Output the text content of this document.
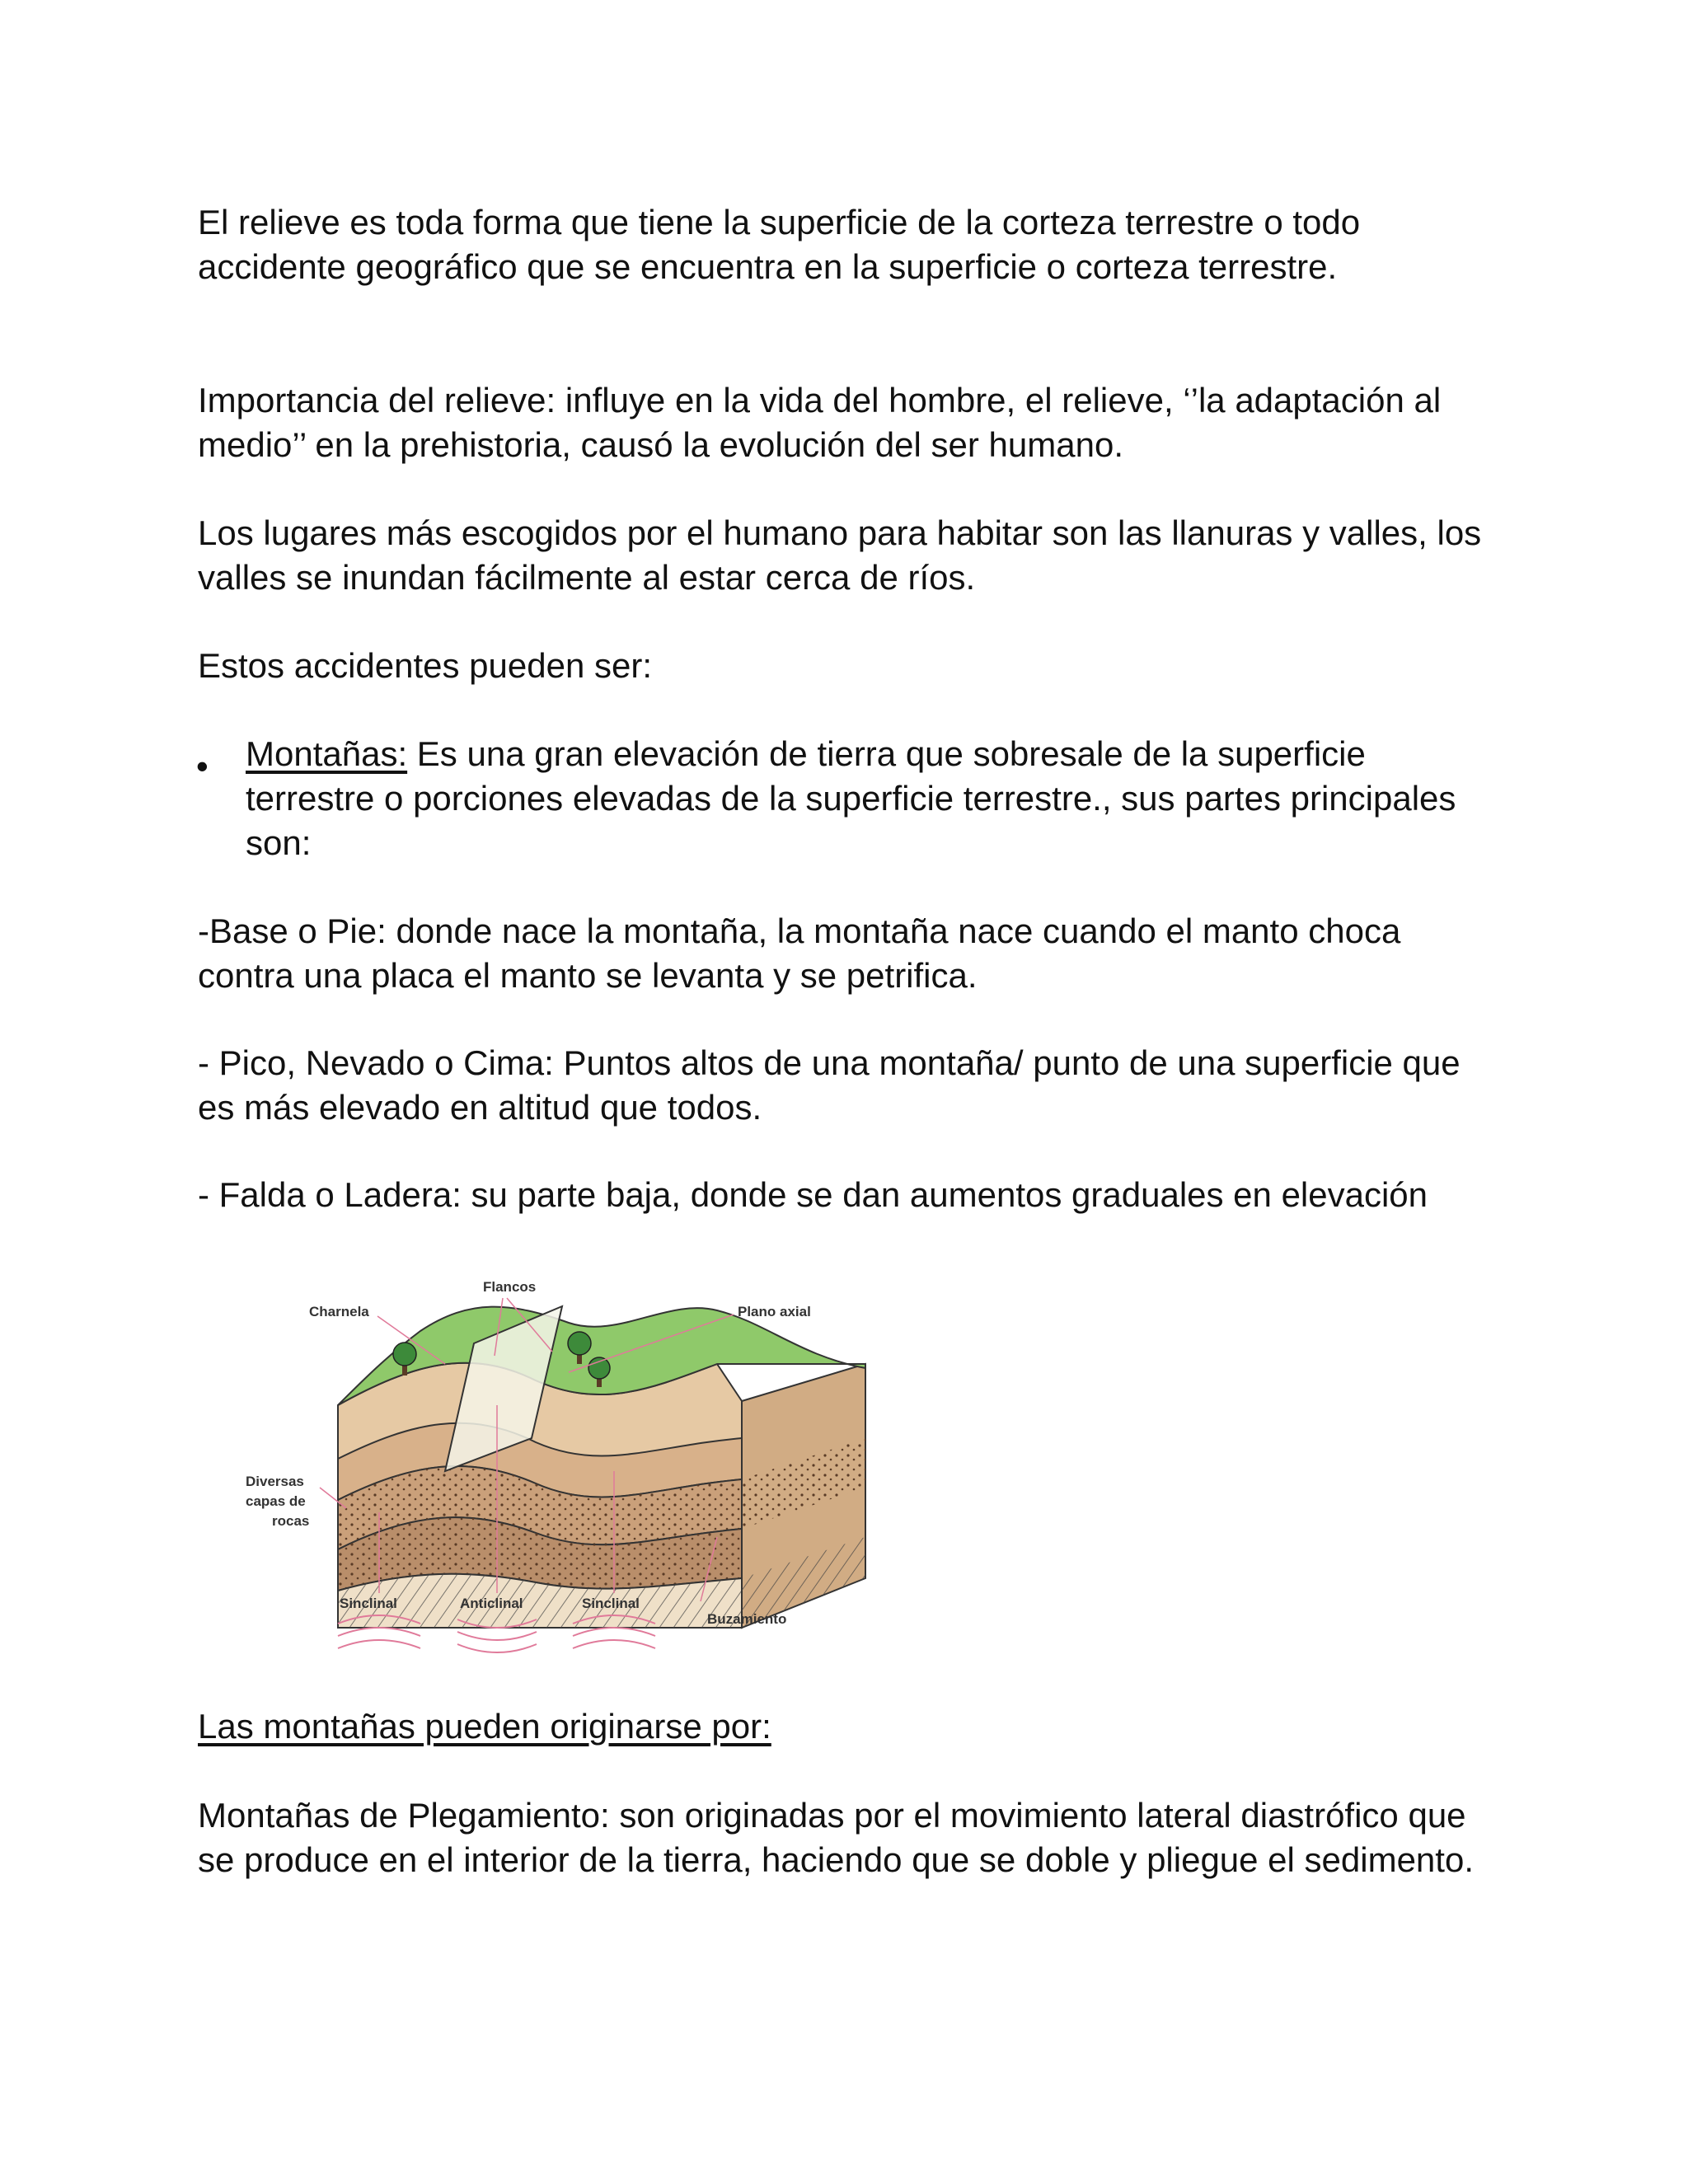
El relieve es toda forma que tiene la superficie de la corteza terrestre o todo accidente geográfico que se encuentra en la superficie o corteza terrestre.

Importancia del relieve: influye en la vida del hombre, el relieve, ‘’la adaptación al medio’’ en la prehistoria, causó la evolución del ser humano.

Los lugares más escogidos por el humano para habitar son las llanuras y valles, los valles se inundan fácilmente al estar cerca de ríos.

Estos accidentes pueden ser:

• Montañas: Es una gran elevación de tierra que sobresale de la superficie terrestre o porciones elevadas de la superficie terrestre., sus partes principales son:

-Base o Pie: donde nace la montaña, la montaña nace cuando el manto choca contra una placa el manto se levanta y se petrifica.

- Pico, Nevado o Cima: Puntos altos de una montaña/ punto de una superficie que es más elevado en altitud que todos.

- Falda o Ladera: su parte baja, donde se dan aumentos graduales en elevación

Flancos
Charnela	Plano axial
Diversas
capas de
rocas
Sinclinal	Anticlinal	Sinclinal
Buzamiento

Las montañas pueden originarse por:

Montañas de Plegamiento: son originadas por el movimiento lateral diastrófico que se produce en el interior de la tierra, haciendo que se doble y pliegue el sedimento.
